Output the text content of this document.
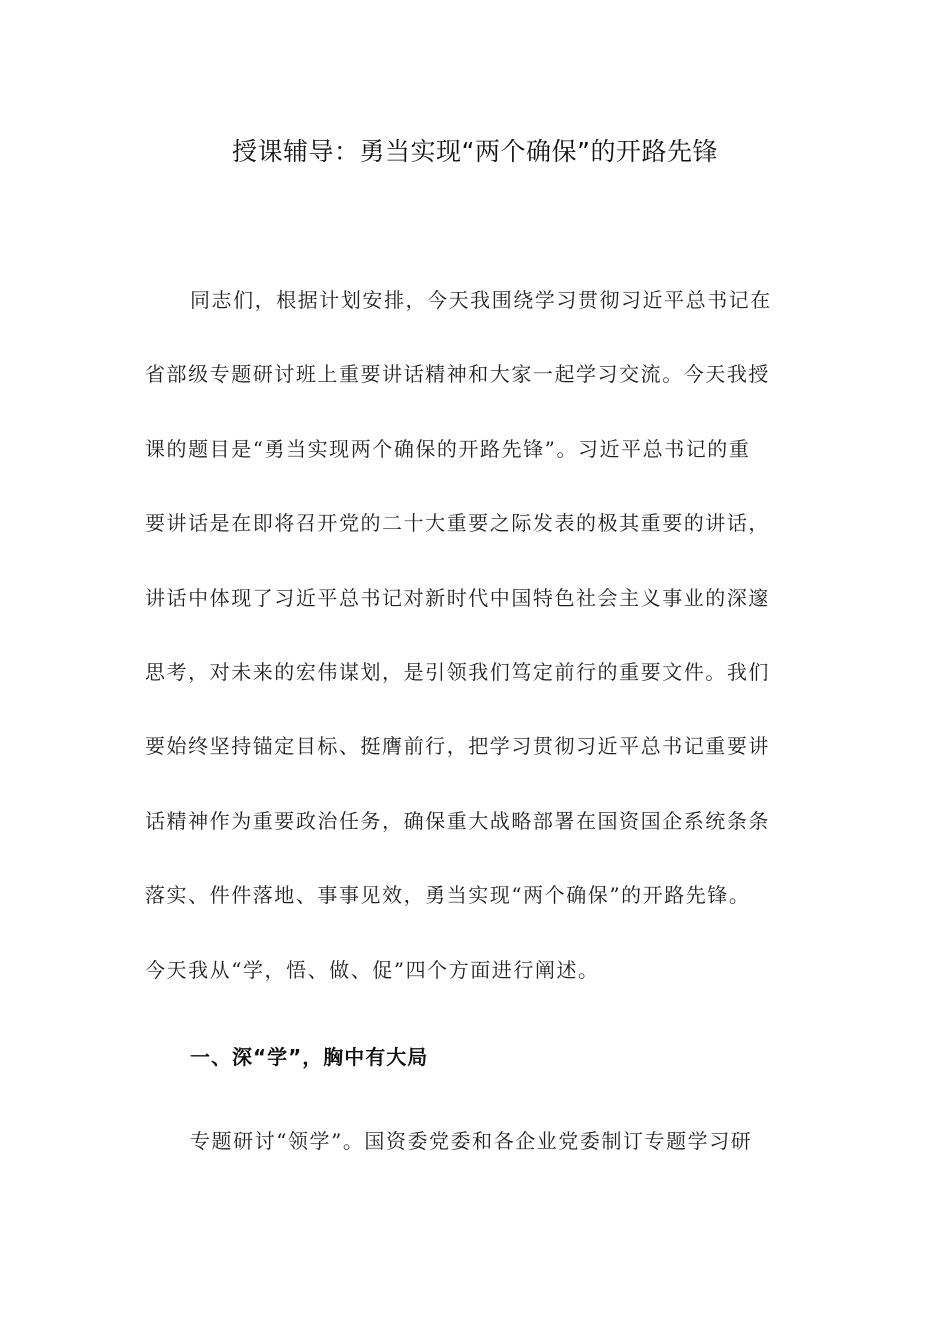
授课辅导：勇当实现“两个确保”的开路先锋
同志们，根据计划安排，今天我围绕学习贯彻习近平总书记在
省部级专题研讨班上重要讲话精神和大家一起学习交流。今天我授
课的题目是“勇当实现两个确保的开路先锋”。习近平总书记的重
要讲话是在即将召开党的二十大重要之际发表的极其重要的讲话，
讲话中体现了习近平总书记对新时代中国特色社会主义事业的深邃
思考，对未来的宏伟谋划，是引领我们笃定前行的重要文件。我们
要始终坚持锚定目标、挺膺前行，把学习贯彻习近平总书记重要讲
话精神作为重要政治任务，确保重大战略部署在国资国企系统条条
落实、件件落地、事事见效，勇当实现“两个确保”的开路先锋。
今天我从“学，悟、做、促”四个方面进行阐述。
一、深“学”，胸中有大局
专题研讨“领学”。国资委党委和各企业党委制订专题学习研
